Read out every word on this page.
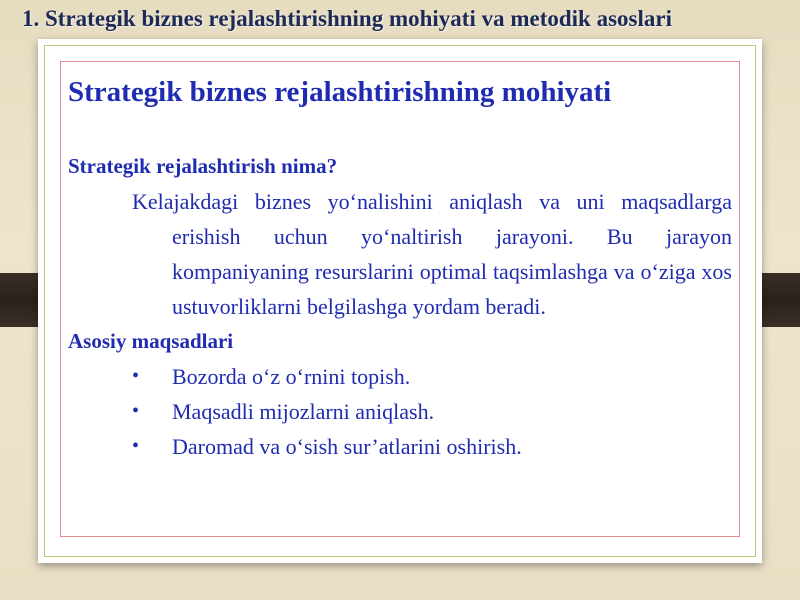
1. Strategik biznes rejalashtirishning mohiyati va metodik asoslari
Strategik biznes rejalashtirishning mohiyati
Strategik rejalashtirish nima?

Kelajakdagi biznes yo‘nalishini aniqlash va uni maqsadlarga erishish uchun yo‘naltirish jarayoni. Bu jarayon kompaniyaning resurslarini optimal taqsimlashga va o‘ziga xos ustuvorliklarni belgilashga yordam beradi.

Asosiy maqsadlari
• Bozorda o‘z o‘rnini topish.
• Maqsadli mijozlarni aniqlash.
• Daromad va o‘sish sur’atlarini oshirish.
